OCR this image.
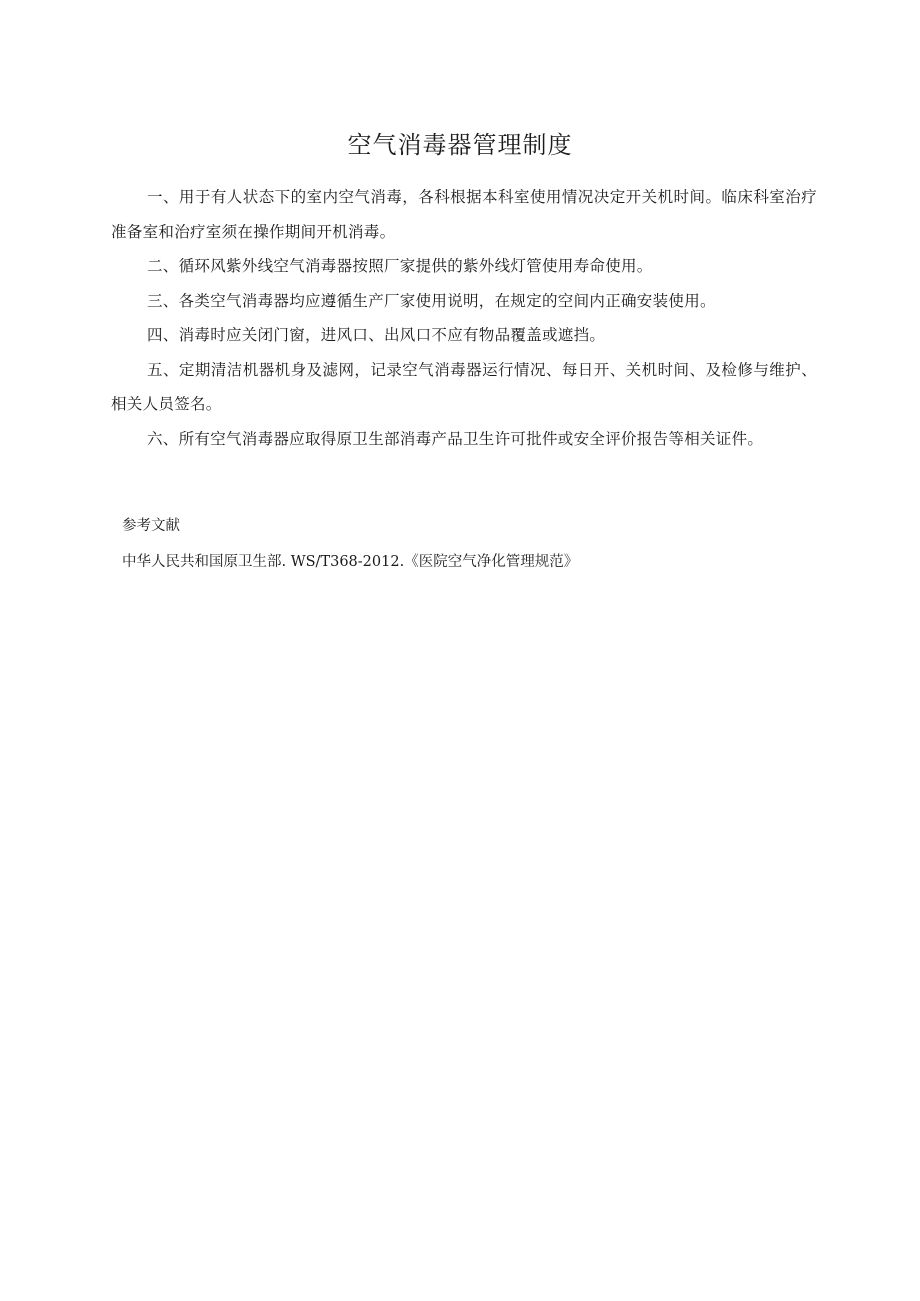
空气消毒器管理制度

一、用于有人状态下的室内空气消毒，各科根据本科室使用情况决定开关机时间。临床科室治疗准备室和治疗室须在操作期间开机消毒。

二、循环风紫外线空气消毒器按照厂家提供的紫外线灯管使用寿命使用。

三、各类空气消毒器均应遵循生产厂家使用说明，在规定的空间内正确安装使用。

四、消毒时应关闭门窗，进风口、出风口不应有物品覆盖或遮挡。

五、定期清洁机器机身及滤网，记录空气消毒器运行情况、每日开、关机时间、及检修与维护、相关人员签名。

六、所有空气消毒器应取得原卫生部消毒产品卫生许可批件或安全评价报告等相关证件。

参考文献

中华人民共和国原卫生部. WS/T368-2012.《医院空气净化管理规范》
